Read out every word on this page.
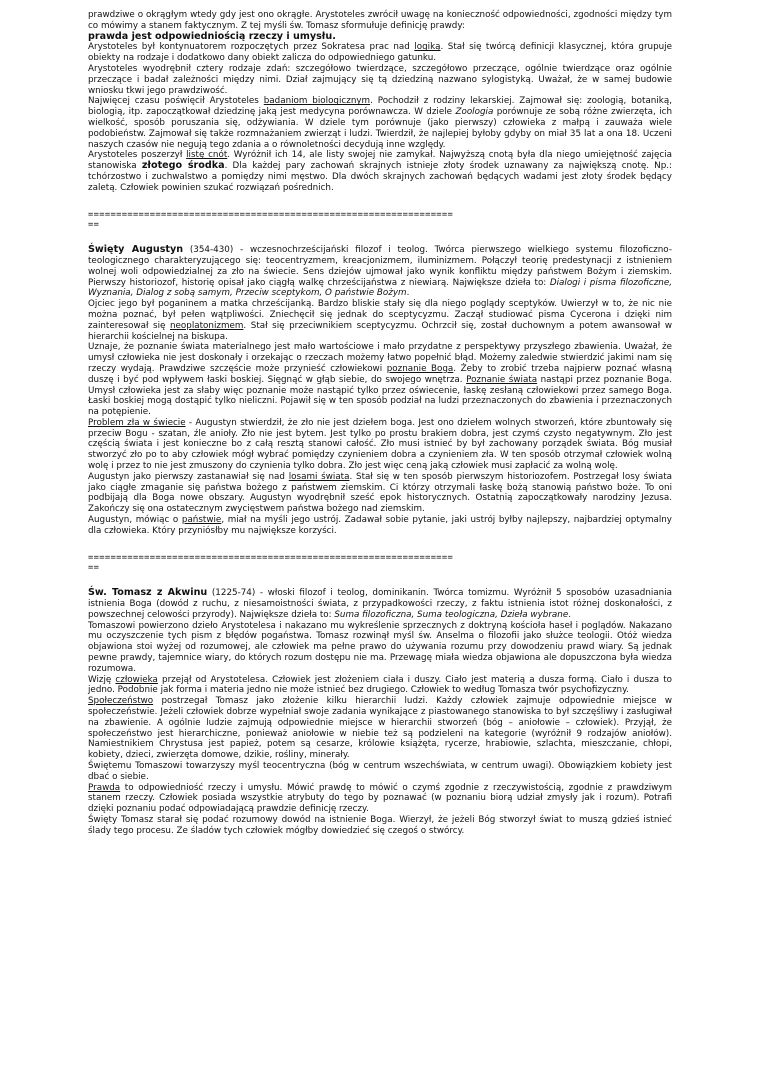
prawdziwe o okrągłym wtedy gdy jest ono okrągłe. Arystoteles zwrócił uwagę na konieczność odpowiedności, zgodności między tym co mówimy a stanem faktycznym. Z tej myśli św. Tomasz sformułuje definicję prawdy:
prawda jest odpowiedniością rzeczy i umysłu.

Arystoteles był kontynuatorem rozpoczętych przez Sokratesa prac nad logiką. Stał się twórcą definicji klasycznej, która grupuje obiekty na rodzaje i dodatkowo dany obiekt zalicza do odpowiedniego gatunku.

Arystoteles wyodrębnił cztery rodzaje zdań: szczegółowo twierdzące, szczegółowo przeczące, ogólnie twierdzące oraz ogólnie przeczące i badał zależności między nimi. Dział zajmujący się tą dziedziną nazwano sylogistyką. Uważał, że w samej budowie wniosku tkwi jego prawdziwość.

Najwięcej czasu poświęcił Arystoteles badaniom biologicznym. Pochodził z rodziny lekarskiej. Zajmował się: zoologią, botaniką, biologią, itp. zapoczątkował dziedzinę jaką jest medycyna porównawcza. W dziele Zoologia porównuje ze sobą różne zwierzęta, ich wielkość, sposób poruszania się, odżywiania. W dziele tym porównuje (jako pierwszy) człowieka z małpą i zauważa wiele podobieństw. Zajmował się także rozmnażaniem zwierząt i ludzi. Twierdził, że najlepiej byłoby gdyby on miał 35 lat a ona 18. Uczeni naszych czasów nie negują tego zdania a o równoletności decydują inne względy.

Arystoteles poszerzył listę cnót. Wyróżnił ich 14, ale listy swojej nie zamykał. Najwyższą cnotą była dla niego umiejętność zajęcia stanowiska złotego środka. Dla każdej pary zachowań skrajnych istnieje złoty środek uznawany za największą cnotę. Np.: tchórzostwo i zuchwalstwo a pomiędzy nimi męstwo. Dla dwóch skrajnych zachowań będących wadami jest złoty środek będący zaletą. Człowiek powinien szukać rozwiązań pośrednich.

=================================================================
==

Święty Augustyn (354-430) - wczesnochrześcijański filozof i teolog. Twórca pierwszego wielkiego systemu filozoficzno-teologicznego charakteryzującego się: teocentryzmem, kreacjonizmem, iluminizmem. Połączył teorię predestynacji z istnieniem wolnej woli odpowiedzialnej za zło na świecie. Sens dziejów ujmował jako wynik konfliktu między państwem Bożym i ziemskim. Pierwszy historiozof, historię opisał jako ciągłą walkę chrześcijaństwa z niewiarą. Największe dzieła to: Dialogi i pisma filozoficzne, Wyznania, Dialog z sobą samym, Przeciw sceptykom, O państwie Bożym.

Ojciec jego był poganinem a matka chrześcijanką. Bardzo bliskie stały się dla niego poglądy sceptyków. Uwierzył w to, że nic nie można poznać, był pełen wątpliwości. Zniechęcił się jednak do sceptycyzmu. Zaczął studiować pisma Cycerona i dzięki nim zainteresował się neoplatonizmem. Stał się przeciwnikiem sceptycyzmu. Ochrzcił się, został duchownym a potem awansował w hierarchii kościelnej na biskupa.

Uznaje, że poznanie świata materialnego jest mało wartościowe i mało przydatne z perspektywy przyszłego zbawienia. Uważał, że umysł człowieka nie jest doskonały i orzekając o rzeczach możemy łatwo popełnić błąd. Możemy zaledwie stwierdzić jakimi nam się rzeczy wydają. Prawdziwe szczęście może przynieść człowiekowi poznanie Boga. Żeby to zrobić trzeba najpierw poznać własną duszę i być pod wpływem łaski boskiej. Sięgnąć w głąb siebie, do swojego wnętrza. Poznanie świata nastąpi przez poznanie Boga. Umysł człowieka jest za słaby więc poznanie może nastąpić tylko przez oświecenie, łaskę zesłaną człowiekowi przez samego Boga. Łaski boskiej mogą dostąpić tylko nieliczni. Pojawił się w ten sposób podział na ludzi przeznaczonych do zbawienia i przeznaczonych na potępienie.

Problem zła w świecie - Augustyn stwierdził, że zło nie jest dziełem boga. Jest ono dziełem wolnych stworzeń, które zbuntowały się przeciw Bogu - szatan, źle anioły. Zło nie jest bytem. Jest tylko po prostu brakiem dobra, jest czymś czysto negatywnym. Zło jest częścią świata i jest konieczne bo z całą resztą stanowi całość. Zło musi istnieć by był zachowany porządek świata. Bóg musiał stworzyć zło po to aby człowiek mógł wybrać pomiędzy czynieniem dobra a czynieniem zła. W ten sposób otrzymał człowiek wolną wolę i przez to nie jest zmuszony do czynienia tylko dobra. Zło jest więc ceną jaką człowiek musi zapłacić za wolną wolę.

Augustyn jako pierwszy zastanawiał się nad losami świata. Stał się w ten sposób pierwszym historiozofem. Postrzegał losy świata jako ciągłe zmaganie się państwa bożego z państwem ziemskim. Ci którzy otrzymali łaskę bożą stanowią państwo boże. To oni podbijają dla Boga nowe obszary. Augustyn wyodrębnił sześć epok historycznych. Ostatnią zapoczątkowały narodziny Jezusa. Zakończy się ona ostatecznym zwycięstwem państwa bożego nad ziemskim.

Augustyn, mówiąc o państwie, miał na myśli jego ustrój. Zadawał sobie pytanie, jaki ustrój byłby najlepszy, najbardziej optymalny dla człowieka. Który przyniósłby mu największe korzyści.

=================================================================
==

Św. Tomasz z Akwinu (1225-74) - włoski filozof i teolog, dominikanin. Twórca tomizmu. Wyróżnił 5 sposobów uzasadniania istnienia Boga (dowód z ruchu, z niesamoistności świata, z przypadkowości rzeczy, z faktu istnienia istot różnej doskonałości, z powszechnej celowości przyrody). Największe dzieła to: Suma filozoficzna, Suma teologiczna, Dzieła wybrane.

Tomaszowi powierzono dzieło Arystotelesa i nakazano mu wykreślenie sprzecznych z doktryną kościoła haseł i poglądów. Nakazano mu oczyszczenie tych pism z błędów pogaństwa. Tomasz rozwinął myśl św. Anselma o filozofii jako służce teologii. Otóż wiedza objawiona stoi wyżej od rozumowej, ale człowiek ma pełne prawo do używania rozumu przy dowodzeniu prawd wiary. Są jednak pewne prawdy, tajemnice wiary, do których rozum dostępu nie ma. Przewagę miała wiedza objawiona ale dopuszczona była wiedza rozumowa.

Wizję człowieka przejął od Arystotelesa. Człowiek jest złożeniem ciała i duszy. Ciało jest materią a dusza formą. Ciało i dusza to jedno. Podobnie jak forma i materia jedno nie może istnieć bez drugiego. Człowiek to według Tomasza twór psychofizyczny.

Społeczeństwo postrzegał Tomasz jako złożenie kilku hierarchii ludzi. Każdy człowiek zajmuje odpowiednie miejsce w społeczeństwie. Jeżeli człowiek dobrze wypełniał swoje zadania wynikające z piastowanego stanowiska to był szczęśliwy i zasługiwał na zbawienie. A ogólnie ludzie zajmują odpowiednie miejsce w hierarchii stworzeń (bóg – aniołowie – człowiek). Przyjął, że społeczeństwo jest hierarchiczne, ponieważ aniołowie w niebie też są podzieleni na kategorie (wyróżnił 9 rodzajów aniołów). Namiestnikiem Chrystusa jest papież, potem są cesarze, królowie książęta, rycerze, hrabiowie, szlachta, mieszczanie, chłopi, kobiety, dzieci, zwierzęta domowe, dzikie, rośliny, minerały.

Świętemu Tomaszowi towarzyszy myśl teocentryczna (bóg w centrum wszechświata, w centrum uwagi). Obowiązkiem kobiety jest dbać o siebie.

Prawda to odpowiedniość rzeczy i umysłu. Mówić prawdę to mówić o czymś zgodnie z rzeczywistością, zgodnie z prawdziwym stanem rzeczy. Człowiek posiada wszystkie atrybuty do tego by poznawać (w poznaniu biorą udział zmysły jak i rozum). Potrafi dzięki poznaniu podać odpowiadającą prawdzie definicję rzeczy.

Święty Tomasz starał się podać rozumowy dowód na istnienie Boga. Wierzył, że jeżeli Bóg stworzył świat to muszą gdzieś istnieć ślady tego procesu. Ze śladów tych człowiek mógłby dowiedzieć się czegoś o stwórcy.
